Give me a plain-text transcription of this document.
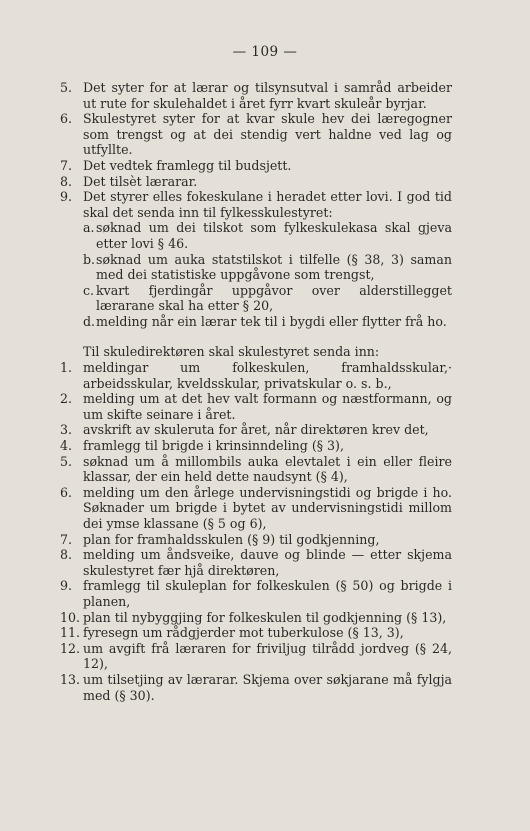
— 109 —
5. Det syter for at lærar og tilsynsutval i samråd arbeider ut rute for skulehaldet i året fyrr kvart skuleår byrjar.
6. Skulestyret syter for at kvar skule hev dei læregogner som trengst og at dei stendig vert haldne ved lag og utfyllte.
7. Det vedtek framlegg til budsjett.
8. Det tilsèt lærarar.
9. Det styrer elles fokeskulane i heradet etter lovi. I god tid skal det senda inn til fylkesskulestyret:
a. søknad um dei tilskot som fylkeskulekasa skal gjeva etter lovi § 46.
b. søknad um auka statstilskot i tilfelle (§ 38, 3) saman med dei statistiske uppgåvone som trengst,
c. kvart fjerdingår uppgåvor over alderstillegget lærarane skal ha etter § 20,
d. melding når ein lærar tek til i bygdi eller flytter frå ho.
Til skuledirektøren skal skulestyret senda inn:
1. meldingar um folkeskulen, framhaldsskular,· arbeidsskular, kveldsskular, privatskular o. s. b.,
2. melding um at det hev valt formann og næstformann, og um skifte seinare i året.
3. avskrift av skuleruta for året, når direktøren krev det,
4. framlegg til brigde i krinsinndeling (§ 3),
5. søknad um å millombils auka elevtalet i ein eller fleire klassar, der ein held dette naudsynt (§ 4),
6. melding um den årlege undervisningstidi og brigde i ho. Søknader um brigde i bytet av undervisningstidi millom dei ymse klassane (§ 5 og 6),
7. plan for framhaldsskulen (§ 9) til godkjenning,
8. melding um åndsveike, dauve og blinde — etter skjema skulestyret fær hjå direktøren,
9. framlegg til skuleplan for folkeskulen (§ 50) og brigde i planen,
10. plan til nybyggjing for folkeskulen til godkjenning (§ 13),
11. fyresegn um rådgjerder mot tuberkulose (§ 13, 3),
12. um avgift frå læraren for friviljug tilrådd jordveg (§ 24, 12),
13. um tilsetjing av lærarar. Skjema over søkjarane må fylgja med (§ 30).
